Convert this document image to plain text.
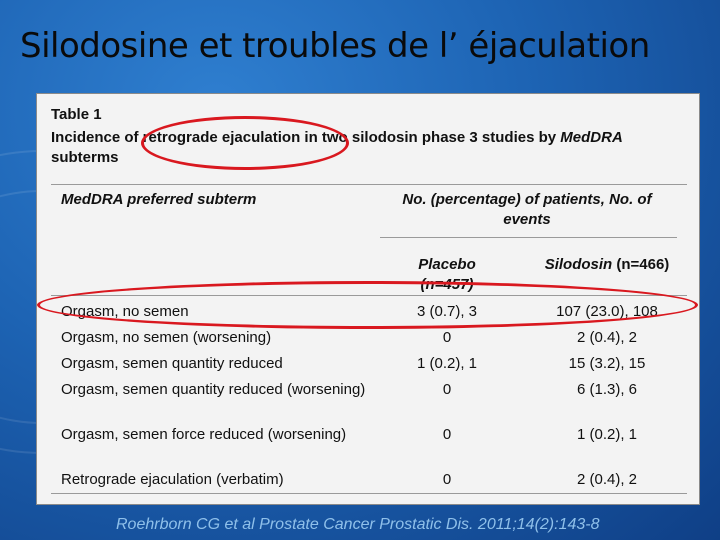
Silodosine et troubles de l’ éjaculation
Table 1
Incidence of retrograde ejaculation in two silodosin phase 3 studies by MedDRA subterms
MedDRA preferred subterm	No. (percentage) of patients, No. of events
Placebo (n=457)
Silodosin (n=466)
Orgasm, no semen	3 (0.7), 3	107 (23.0), 108
Orgasm, no semen (worsening)	0	2 (0.4), 2
Orgasm, semen quantity reduced	1 (0.2), 1	15 (3.2), 15
Orgasm, semen quantity reduced (worsening)	0	6 (1.3), 6
Orgasm, semen force reduced (worsening)	0	1 (0.2), 1
Retrograde ejaculation (verbatim)	0	2 (0.4), 2
Roehrborn CG et al Prostate Cancer Prostatic Dis. 2011;14(2):143-8
